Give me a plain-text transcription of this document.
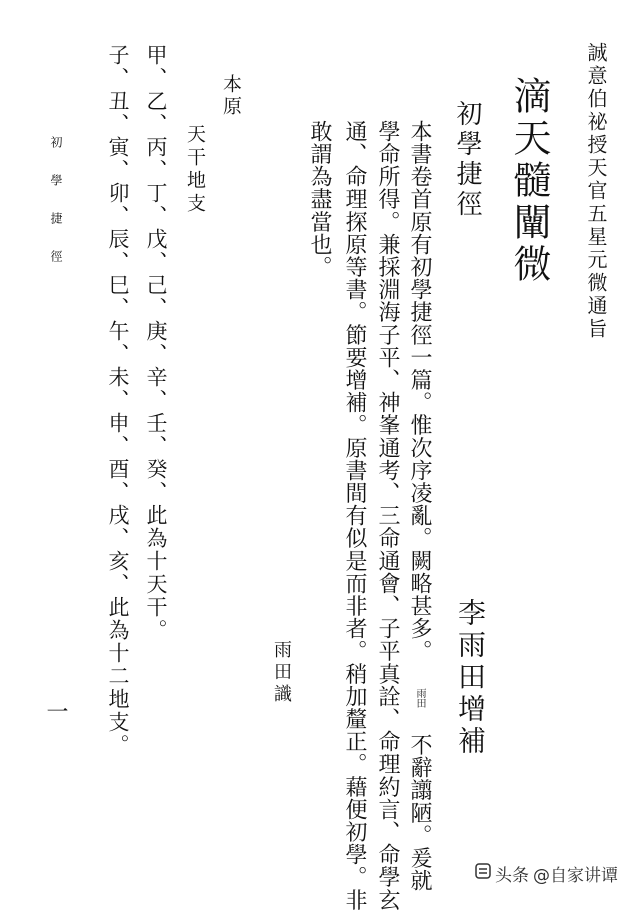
誠意伯祕授天官五星元微通旨

滴天髓闡微

初學捷徑

李雨田增補

本書卷首原有初學捷徑一篇。惟次序凌亂。闕略甚多。 雨田 不辭譾陋。爰就

學命所得。兼採淵海子平、神峯通考、三命通會、子平真詮、命理約言、命學玄

通、命理探原等書。節要增補。原書間有似是而非者。稍加釐正。藉便初學。非

敢謂為盡當也。

雨田識

本原

天干地支

甲、乙、丙、丁、戊、己、庚、辛、壬、癸、此為十天干。

子、丑、寅、卯、辰、巳、午、未、申、酉、戌、亥、此為十二地支。

初學捷徑

一

头条 @自家讲谭
